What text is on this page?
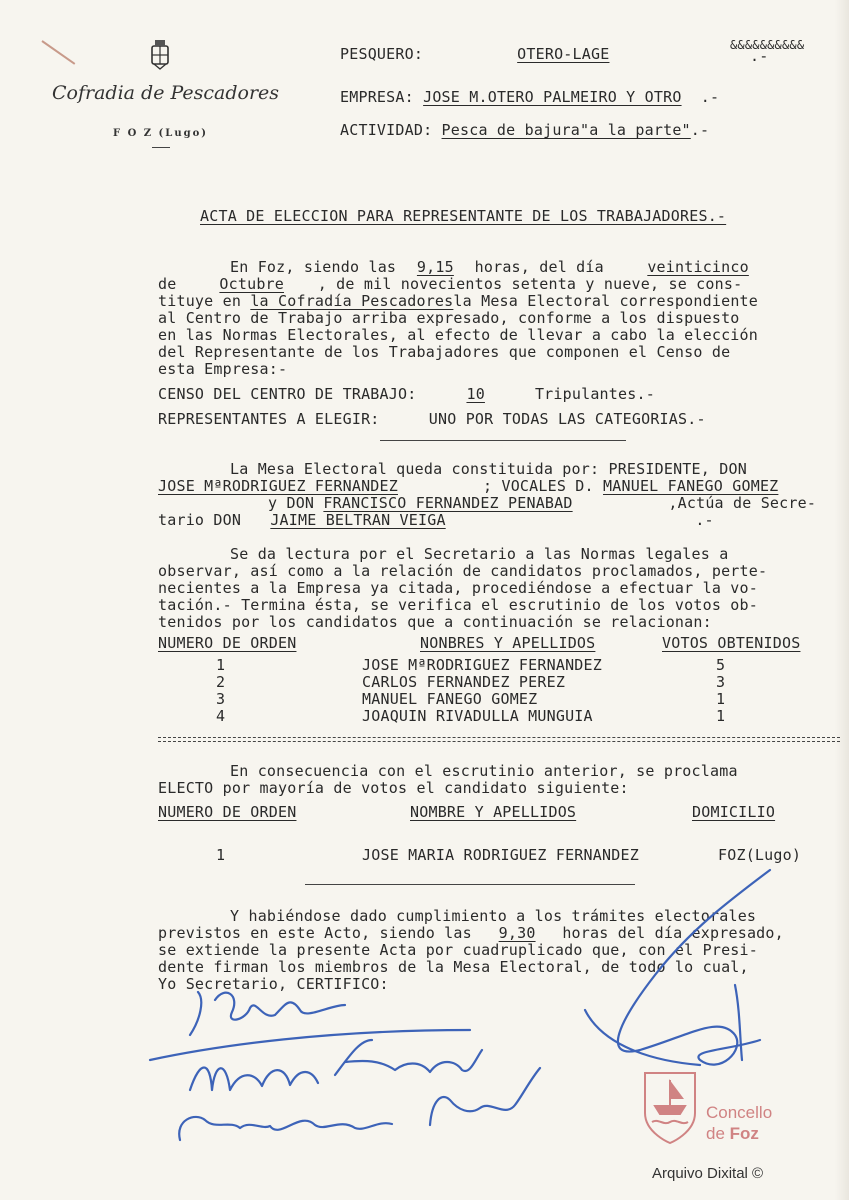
Cofradia de Pescadores
F O Z (Lugo)
&&&&&&&&&&
PESQUERO:	OTERO-LAGE	.-
EMPRESA: JOSE M.OTERO PALMEIRO Y OTRO .-
ACTIVIDAD: Pesca de bajura"a la parte".-
ACTA DE ELECCION PARA REPRESENTANTE DE LOS TRABAJADORES.-
En Foz, siendo las 9,15 horas, del día	veinticinco
de	Octubre , de mil novecientos setenta y nueve, se cons-
tituye en la Cofradía Pescadoresla Mesa Electoral correspondiente
al Centro de Trabajo arriba expresado, conforme a los dispuesto
en las Normas Electorales, al efecto de llevar a cabo la elección
del Representante de los Trabajadores que componen el Censo de
esta Empresa:-
CENSO DEL CENTRO DE TRABAJO:	10	Tripulantes.-
REPRESENTANTES A ELEGIR:	UNO POR TODAS LAS CATEGORIAS.-
La Mesa Electoral queda constituida por: PRESIDENTE, DON
JOSE MªRODRIGUEZ FERNANDEZ	; VOCALES D. MANUEL FANEGO GOMEZ
y DON FRANCISCO FERNANDEZ PENABAD	,Actúa de Secre-
tario DON JAIME BELTRAN VEIGA	.-
Se da lectura por el Secretario a las Normas legales a
observar, así como a la relación de candidatos proclamados, perte-
necientes a la Empresa ya citada, procediéndose a efectuar la vo-
tación.- Termina ésta, se verifica el escrutinio de los votos ob-
tenidos por los candidatos que a continuación se relacionan:
NUMERO DE ORDEN	NONBRES Y APELLIDOS	VOTOS OBTENIDOS
1	JOSE MªRODRIGUEZ FERNANDEZ	5
2	CARLOS FERNANDEZ PEREZ	3
3	MANUEL FANEGO GOMEZ	1
4	JOAQUIN RIVADULLA MUNGUIA	1
En consecuencia con el escrutinio anterior, se proclama
ELECTO por mayoría de votos el candidato siguiente:
NUMERO DE ORDEN	NOMBRE Y APELLIDOS	DOMICILIO
1	JOSE MARIA RODRIGUEZ FERNANDEZ	FOZ(Lugo)
Y habiéndose dado cumplimiento a los trámites electorales
previstos en este Acto, siendo las 9,30 horas del día expresado,
se extiende la presente Acta por cuadruplicado que, con el Presi-
dente firman los miembros de la Mesa Electoral, de todo lo cual,
Yo Secretario, CERTIFICO:
Concello
de Foz
Arquivo Dixital ©
